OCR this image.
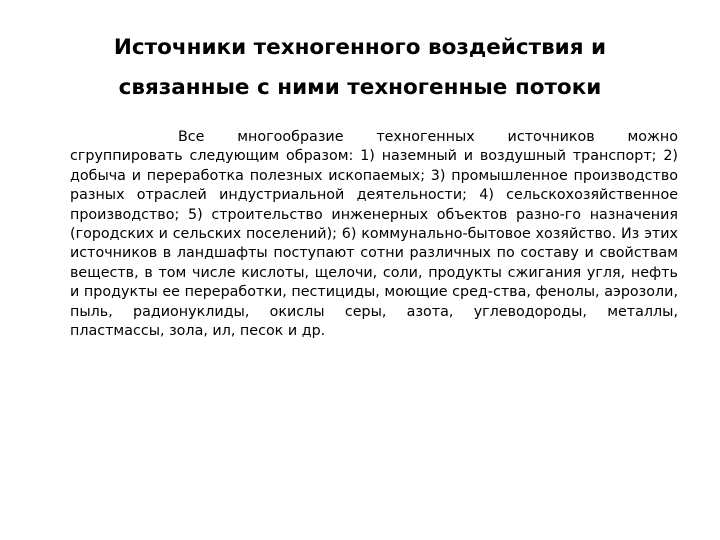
Источники техногенного воздействия и
связанные с ними техногенные потоки

Все многообразие техногенных источников можно сгруппировать следующим образом: 1) наземный и воздушный транспорт; 2) добыча и переработка полезных ископаемых; 3) промышленное производство разных отраслей индустриальной деятельности; 4) сельскохозяйственное производство; 5) строительство инженерных объектов разно-го назначения (городских и сельских поселений); 6) коммунально-бытовое хозяйство. Из этих источников в ландшафты поступают сотни различных по составу и свойствам веществ, в том числе кислоты, щелочи, соли, продукты сжигания угля, нефть и продукты ее переработки, пестициды, моющие сред-ства, фенолы, аэрозоли, пыль, радионуклиды, окислы серы, азота, углеводороды, металлы, пластмассы, зола, ил, песок и др.
